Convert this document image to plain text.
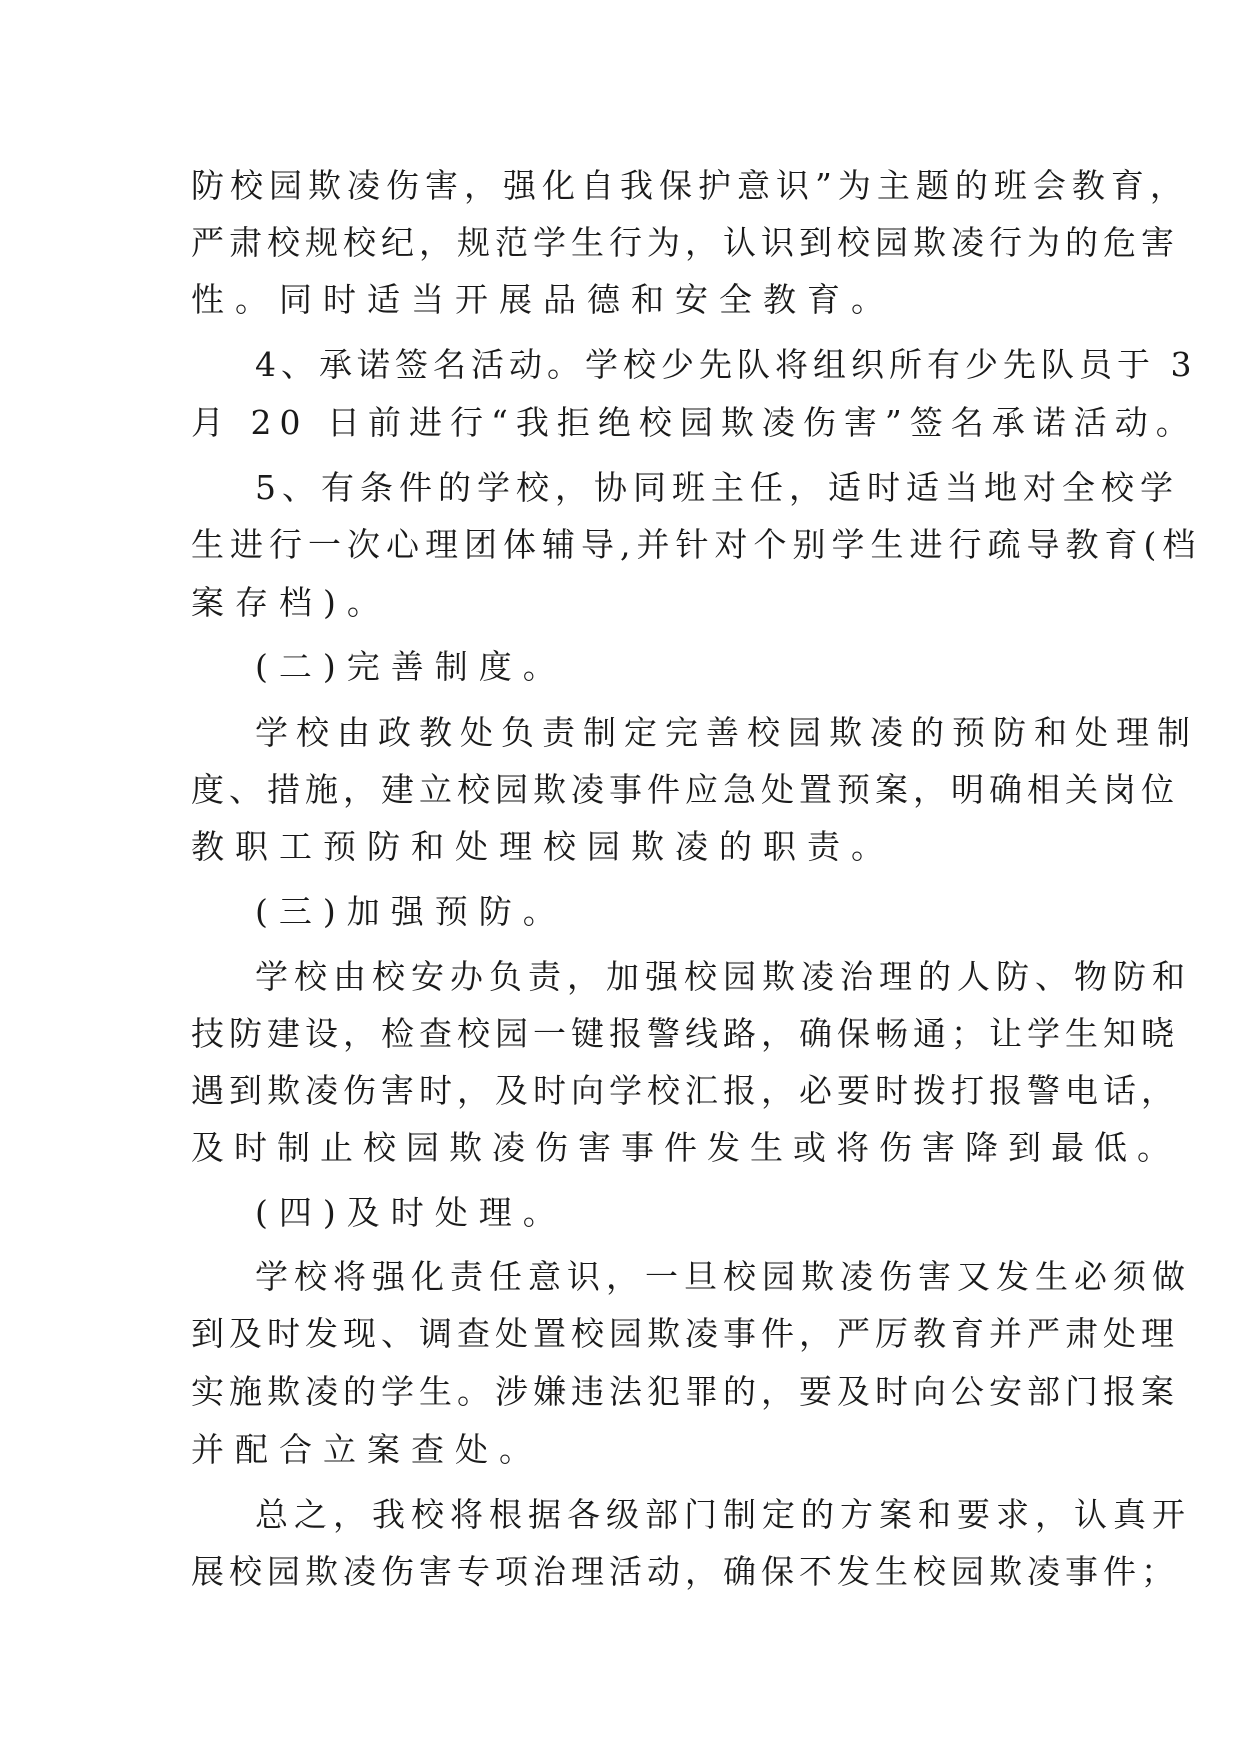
防校园欺凌伤害，强化自我保护意识”为主题的班会教育，
严肃校规校纪，规范学生行为，认识到校园欺凌行为的危害
性。同时适当开展品德和安全教育。
4、承诺签名活动。学校少先队将组织所有少先队员于 3
月 20 日前进行“我拒绝校园欺凌伤害”签名承诺活动。
5、有条件的学校，协同班主任，适时适当地对全校学
生进行一次心理团体辅导,并针对个别学生进行疏导教育(档
案存档)。
(二)完善制度。
学校由政教处负责制定完善校园欺凌的预防和处理制
度、措施，建立校园欺凌事件应急处置预案，明确相关岗位
教职工预防和处理校园欺凌的职责。
(三)加强预防。
学校由校安办负责，加强校园欺凌治理的人防、物防和
技防建设，检查校园一键报警线路，确保畅通；让学生知晓
遇到欺凌伤害时，及时向学校汇报，必要时拨打报警电话，
及时制止校园欺凌伤害事件发生或将伤害降到最低。
(四)及时处理。
学校将强化责任意识，一旦校园欺凌伤害又发生必须做
到及时发现、调查处置校园欺凌事件，严厉教育并严肃处理
实施欺凌的学生。涉嫌违法犯罪的，要及时向公安部门报案
并配合立案查处。
总之，我校将根据各级部门制定的方案和要求，认真开
展校园欺凌伤害专项治理活动，确保不发生校园欺凌事件；
